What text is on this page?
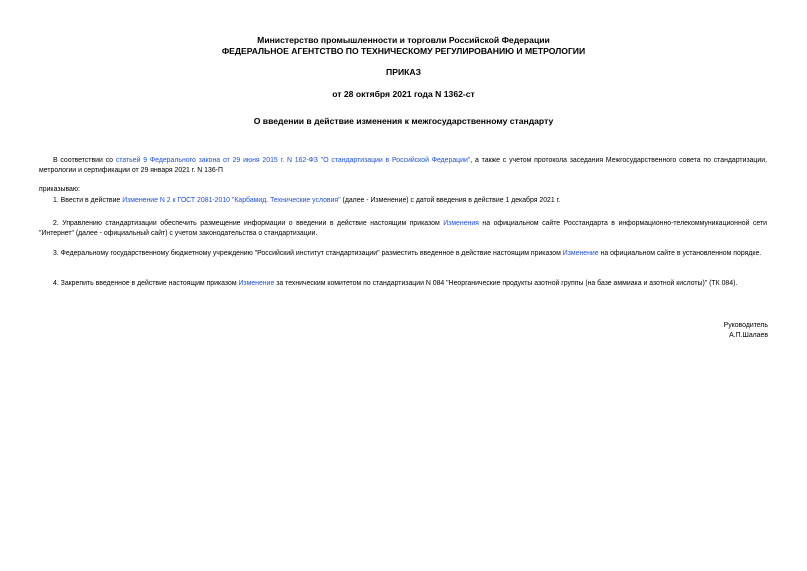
Министерство промышленности и торговли Российской Федерации
ФЕДЕРАЛЬНОЕ АГЕНТСТВО ПО ТЕХНИЧЕСКОМУ РЕГУЛИРОВАНИЮ И МЕТРОЛОГИИ
ПРИКАЗ
от 28 октября 2021 года N 1362-ст
О введении в действие изменения к межгосударственному стандарту

В соответствии со статьей 9 Федерального закона от 29 июня 2015 г. N 162-ФЗ "О стандартизации в Российской Федерации", а также с учетом протокола заседания Межгосударственного совета по стандартизации, метрологии и сертификации от 29 января 2021 г. N 136-П

приказываю:

1. Ввести в действие Изменение N 2 к ГОСТ 2081-2010 "Карбамид. Технические условия" (далее - Изменение) с датой введения в действие 1 декабря 2021 г.

2. Управлению стандартизации обеспечить размещение информации о введении в действие настоящим приказом Изменения на официальном сайте Росстандарта в информационно-телекоммуникационной сети "Интернет" (далее - официальный сайт) с учетом законодательства о стандартизации.

3. Федеральному государственному бюджетному учреждению "Российский институт стандартизации" разместить введенное в действие настоящим приказом Изменение на официальном сайте в установленном порядке.

4. Закрепить введенное в действие настоящим приказом Изменение за техническим комитетом по стандартизации N 084 "Неорганические продукты азотной группы (на базе аммиака и азотной кислоты)" (ТК 084).

Руководитель
А.П.Шалаев
